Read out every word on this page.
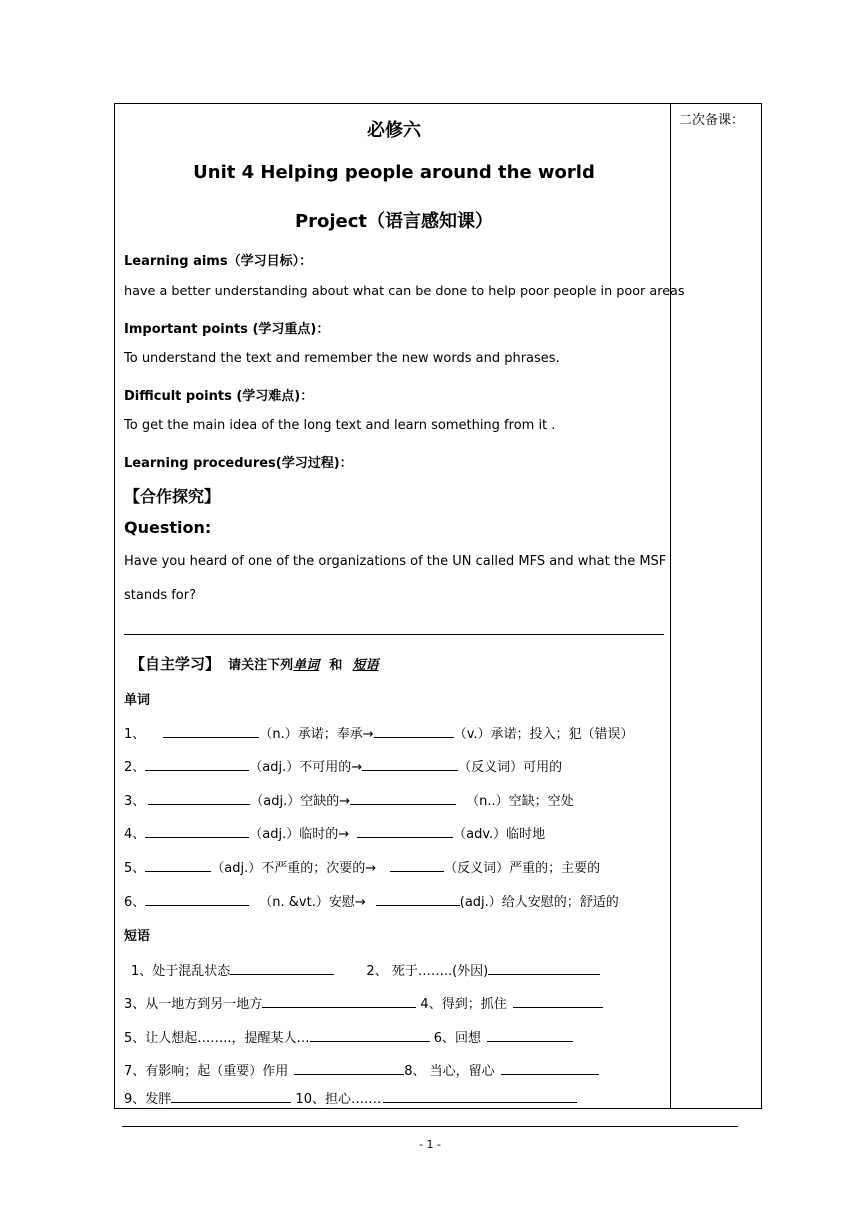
二次备课：
必修六
Unit 4 Helping people around the world
Project（语言感知课）
Learning aims（学习目标）：
have a better understanding about what can be done to help poor people in poor areas
Important points (学习重点)：
To understand the text and remember the new words and phrases.
Difficult points (学习难点)：
To get the main idea of the long text and learn something from it .
Learning procedures(学习过程)：
【合作探究】
Question:
Have you heard of one of the organizations of the UN called MFS and what the MSF
stands for?
【自主学习】 请关注下列单词 和 短语
单词
1、	（n.）承诺；奉承→	（v.）承诺；投入；犯（错误）
2、	（adj.）不可用的→	（反义词）可用的
3、	（adj.）空缺的→	（n..）空缺；空处
4、	（adj.）临时的→	（adv.）临时地
5、	（adj.）不严重的；次要的→	（反义词）严重的；主要的
6、	（n. &vt.）安慰→	(adj.）给人安慰的；舒适的
短语
1、处于混乱状态	2、 死于……..(外因)
3、从一地方到另一地方	4、得到；抓住
5、让人想起……..，提醒某人…	6、回想
7、有影响；起（重要）作用	8、 当心，留心
9、发胖	10、担心…….
- 1 -
